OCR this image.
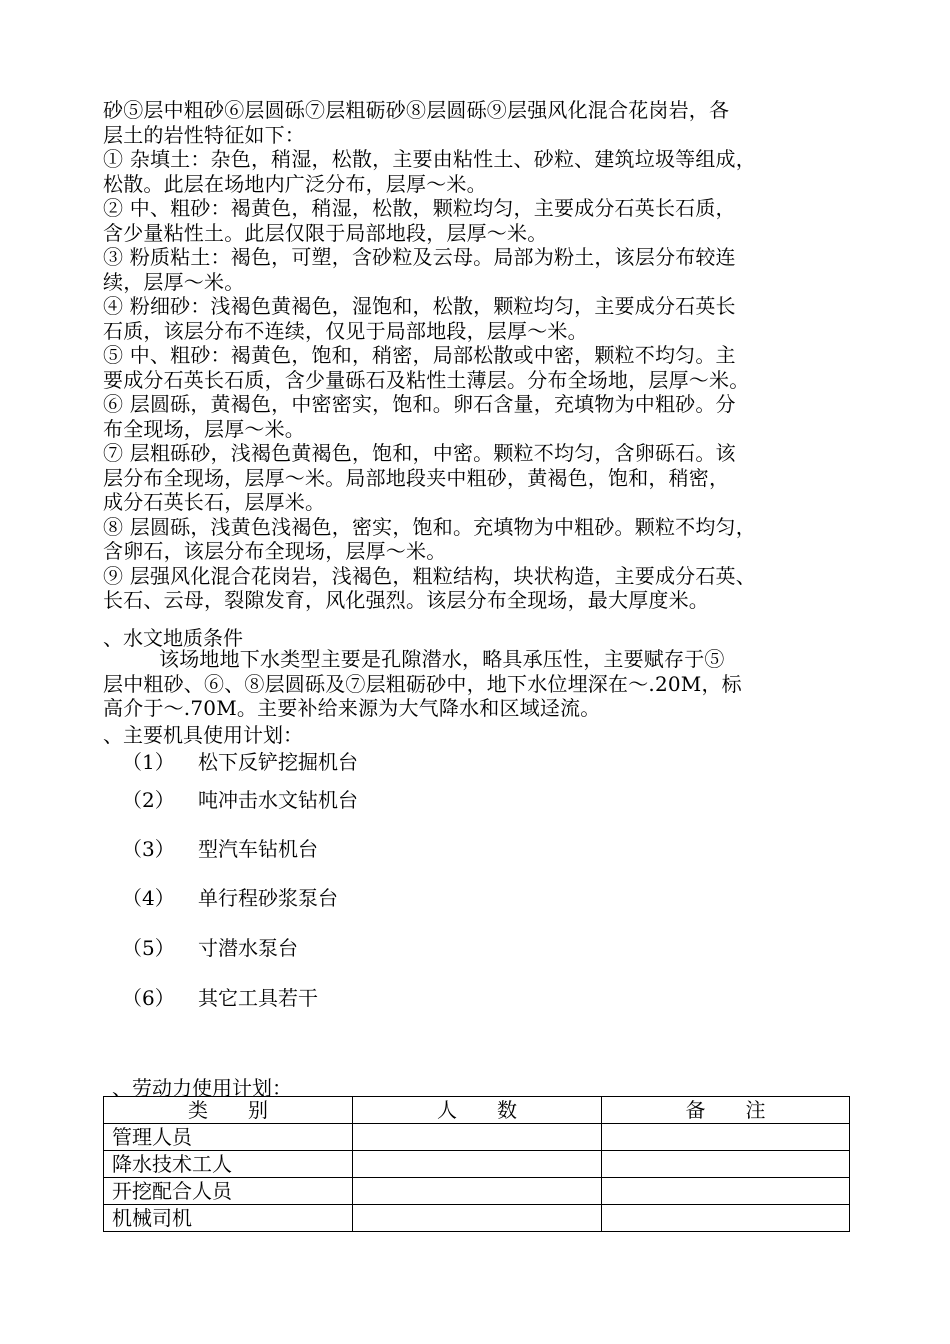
砂⑤层中粗砂⑥层圆砾⑦层粗砺砂⑧层圆砾⑨层强风化混合花岗岩，各
层土的岩性特征如下：
① 杂填土：杂色，稍湿，松散，主要由粘性土、砂粒、建筑垃圾等组成，
松散。此层在场地内广泛分布，层厚～米。
② 中、粗砂：褐黄色，稍湿，松散，颗粒均匀，主要成分石英长石质，
含少量粘性土。此层仅限于局部地段，层厚～米。
③ 粉质粘土：褐色，可塑，含砂粒及云母。局部为粉土，该层分布较连
续，层厚～米。
④ 粉细砂：浅褐色黄褐色，湿饱和，松散，颗粒均匀，主要成分石英长
石质，该层分布不连续，仅见于局部地段，层厚～米。
⑤ 中、粗砂：褐黄色，饱和，稍密，局部松散或中密，颗粒不均匀。主
要成分石英长石质，含少量砾石及粘性土薄层。分布全场地，层厚～米。
⑥ 层圆砾，黄褐色，中密密实，饱和。卵石含量，充填物为中粗砂。分
布全现场，层厚～米。
⑦ 层粗砾砂，浅褐色黄褐色，饱和，中密。颗粒不均匀，含卵砾石。该
层分布全现场，层厚～米。局部地段夹中粗砂，黄褐色，饱和，稍密，
成分石英长石，层厚米。
⑧ 层圆砾，浅黄色浅褐色，密实，饱和。充填物为中粗砂。颗粒不均匀，
含卵石，该层分布全现场，层厚～米。
⑨ 层强风化混合花岗岩，浅褐色，粗粒结构，块状构造，主要成分石英、
长石、云母，裂隙发育，风化强烈。该层分布全现场，最大厚度米。
、水文地质条件
该场地地下水类型主要是孔隙潜水，略具承压性，主要赋存于⑤
层中粗砂、⑥、⑧层圆砾及⑦层粗砺砂中，地下水位埋深在～.20M，标
高介于～.70M。主要补给来源为大气降水和区域迳流。
、主要机具使用计划：
（1） 松下反铲挖掘机台
（2） 吨冲击水文钻机台
（3） 型汽车钻机台
（4） 单行程砂浆泵台
（5） 寸潜水泵台
（6） 其它工具若干
、劳动力使用计划：
类　　别	人　　数	备　　注
管理人员		
降水技术工人		
开挖配合人员		
机械司机		
